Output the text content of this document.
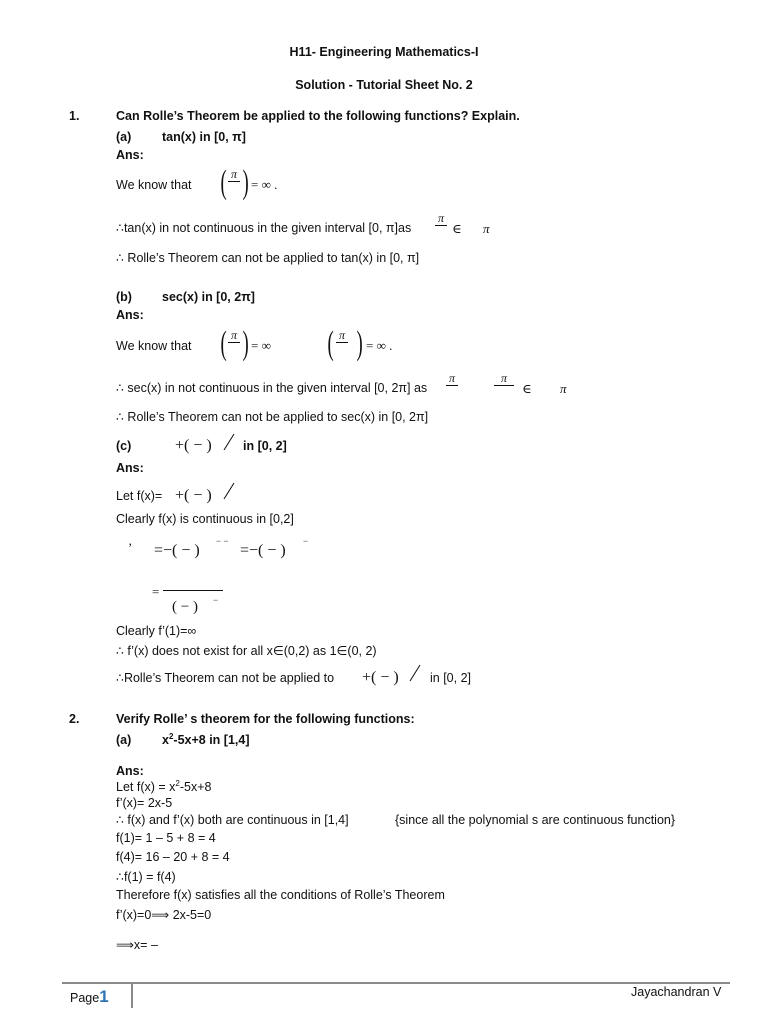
H11- Engineering Mathematics-I
Solution - Tutorial Sheet No. 2
1.	Can Rolle’s Theorem be applied to the following functions? Explain.
(a) tan(x) in [0, π]
Ans:
We know that ( π
) = ∞ .
∴tan(x) in not continuous in the given interval [0, π]as
π

∈ π
∴ Rolle’s Theorem can not be applied to tan(x) in [0, π]
(b) sec(x) in [0, 2π]
Ans:
We know that ( π
) = ∞ ( π
) = ∞ .
∴ sec(x) in not continuous in the given interval [0, 2π] as
π
	π

∈ π
∴ Rolle’s Theorem can not be applied to sec(x) in [0, 2π]
(c)	+( − )	in [0, 2]
Ans:
Let f(x)= +( − )
Clearly f(x) is continuous in [0,2]
’ =−( − )
− −
=−( − )
−
=
( − ) −
Clearly f’(1)=∞
∴ f’(x) does not exist for all x∈(0,2) as 1∈(0, 2)
∴Rolle’s Theorem can not be applied to +( − )	in [0, 2]
2.	Verify Rolle’ s theorem for the following functions:
(a) $x^2-5x+8$ in [1,4]
Ans:
Let $f(x) = x^2-5x+8$
f’(x)= 2x-5
∴ f(x) and f’(x) both are continuous in [1,4]	{since all the polynomial s are continuous function}
f(1)= 1 – 5 + 8 = 4
f(4)= 16 – 20 + 8 = 4
∴f(1) = f(4)
Therefore f(x) satisfies all the conditions of Rolle’s Theorem
f’(x)=0⟹ 2x-5=0
⟹x= –
Page1	Jayachandran V
